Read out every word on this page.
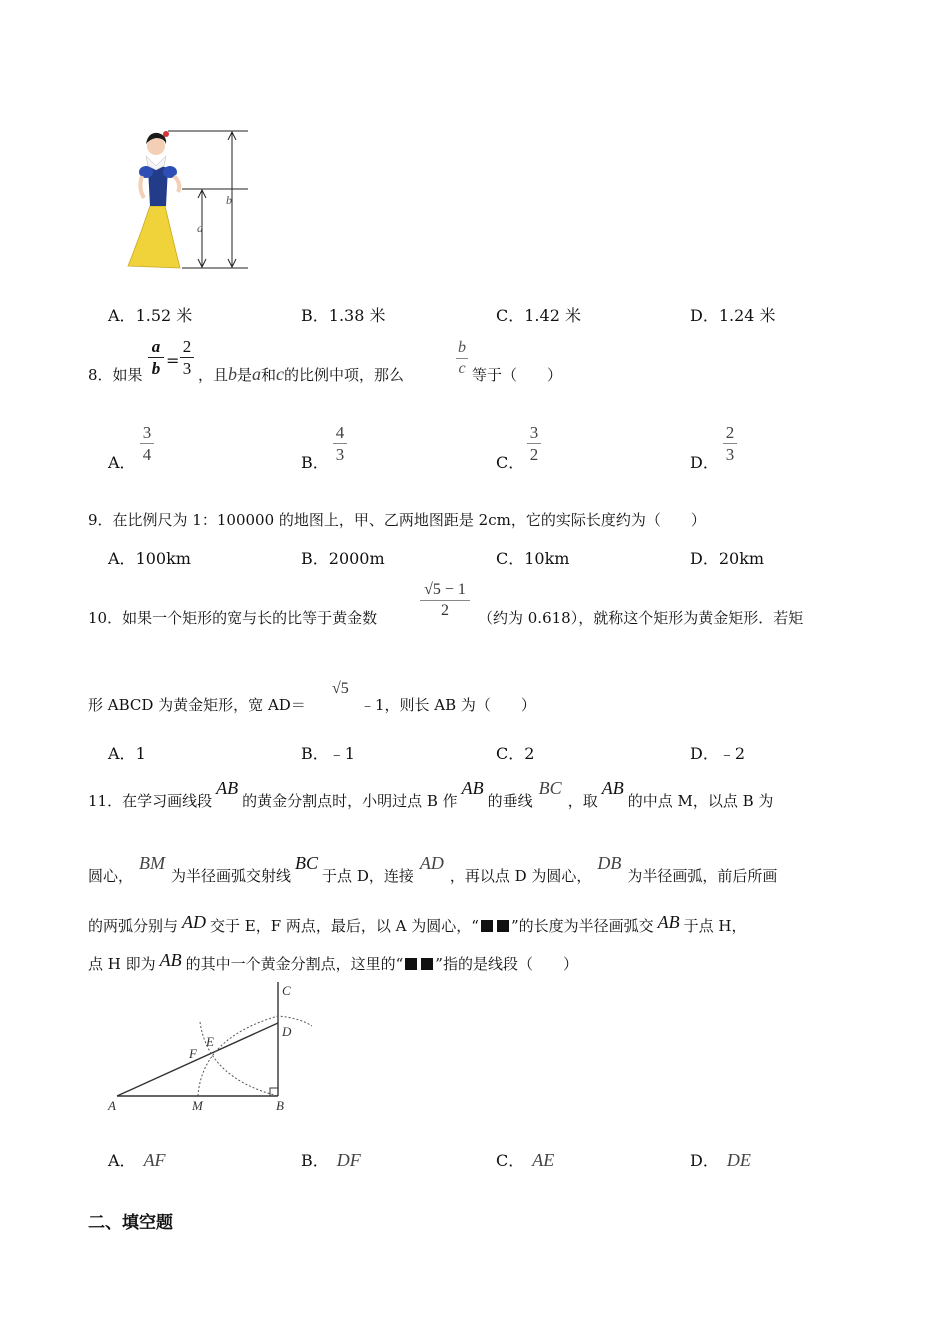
b
a
A．1.52 米	B．1.38 米	C．1.42 米	D．1.24 米
8．如果
a
b =
2
3 ，且b是a和c的比例中项，那么
b
c 等于（　　）
A．
3
4	B．
4
3	C．
3
2	D．
2
3
9．在比例尺为 1：100000 的地图上，甲、乙两地图距是 2cm，它的实际长度约为（　　）
A．100km	B．2000m	C．10km	D．20km
10．如果一个矩形的宽与长的比等于黄金数
√5 − 1
2	（约为 0.618），就称这个矩形为黄金矩形．若矩
形 ABCD 为黄金矩形，宽 AD＝
√5
﹣1，则长 AB 为（　　）
A．1	B．﹣1	C．2	D．﹣2
11．在学习画线段AB的黄金分割点时，小明过点 B 作AB的垂线BC，取AB的中点 M，以点 B 为
圆心，BM为半径画弧交射线BC于点 D，连接AD，再以点 D 为圆心，DB为半径画弧，前后所画
的两弧分别与 AD 交于 E，F 两点，最后，以 A 为圆心，“ ”的长度为半径画弧交 AB 于点 H，
点 H 即为 AB 的其中一个黄金分割点，这里的“ ”指的是线段（　　）
A	M	B
C
D
E
F
A． AF	B． DF	C． AE	D． DE
二、填空题
